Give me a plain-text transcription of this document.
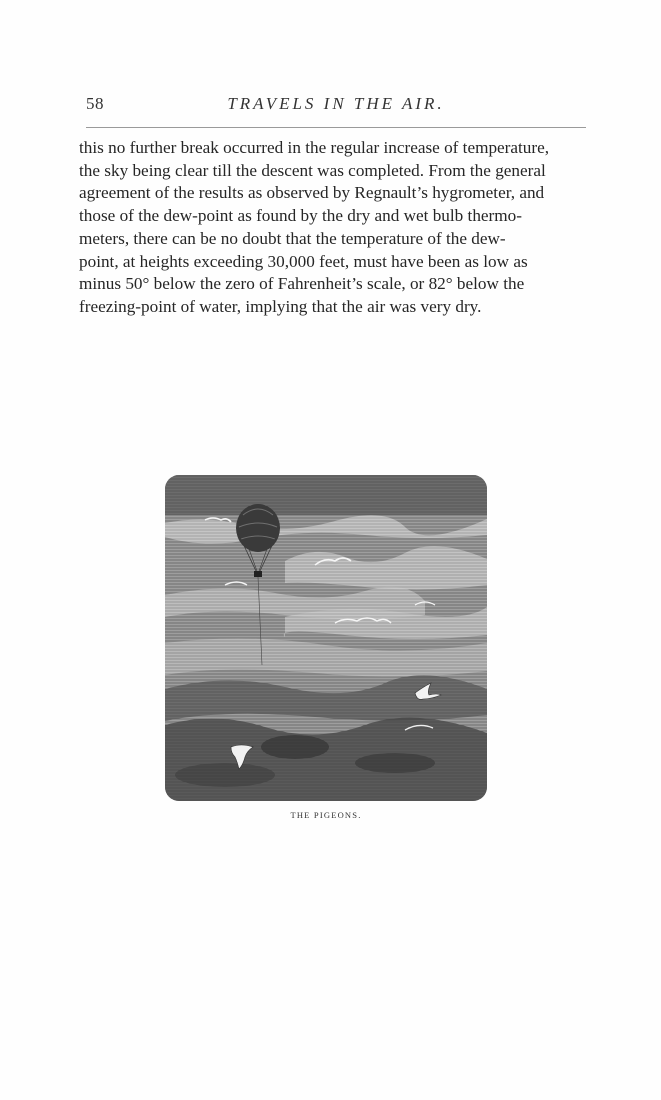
58	TRAVELS IN THE AIR.

this no further break occurred in the regular increase of temperature,

the sky being clear till the descent was completed. From the general

agreement of the results as observed by Regnault’s hygrometer, and

those of the dew-point as found by the dry and wet bulb thermo-

meters, there can be no doubt that the temperature of the dew-

point, at heights exceeding 30,000 feet, must have been as low as

minus 50° below the zero of Fahrenheit’s scale, or 82° below the

freezing-point of water, implying that the air was very dry.

THE PIGEONS.
